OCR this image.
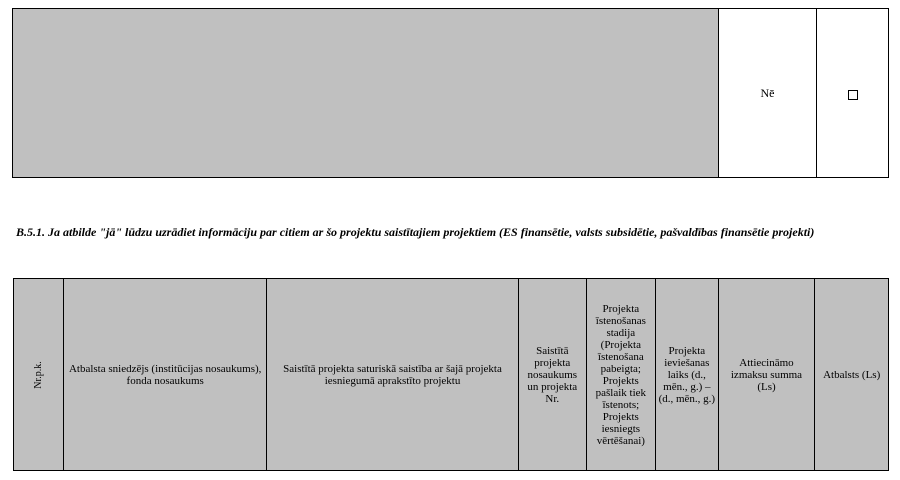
Nē
B.5.1. Ja atbilde "jā" lūdzu uzrādiet informāciju par citiem ar šo projektu saistītajiem projektiem (ES finansētie, valsts subsidētie, pašvaldības finansētie projekti)
Nr.p.k.	Atbalsta sniedzējs (institūcijas nosaukums), fonda nosaukums	Saistītā projekta saturiskā saistība ar šajā projekta iesniegumā aprakstīto projektu	Saistītā projekta nosaukums un projekta Nr.	Projekta īstenošanas stadija (Projekta īstenošana pabeigta; Projekts pašlaik tiek īstenots; Projekts iesniegts vērtēšanai)	Projekta ieviešanas laiks (d., mēn., g.) – (d., mēn., g.)	Attiecināmo izmaksu summa (Ls)	Atbalsts (Ls)
